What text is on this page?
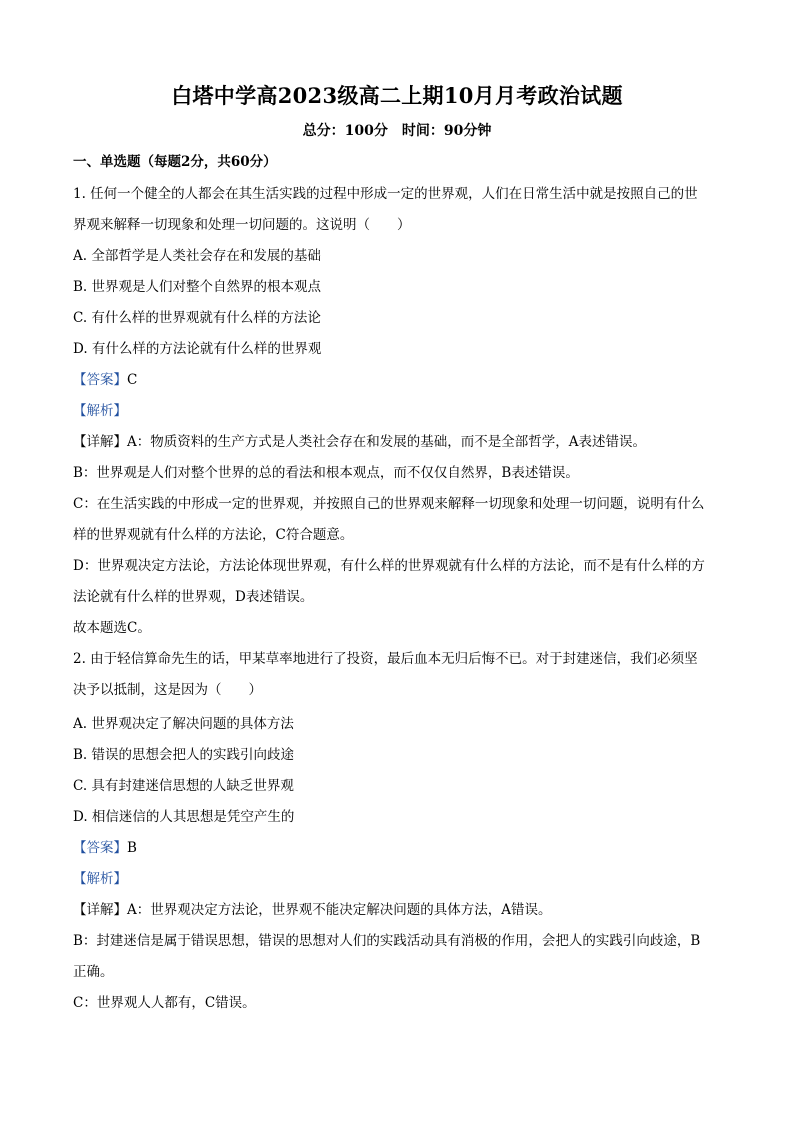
白塔中学高2023级高二上期10月月考政治试题
总分：100分　时间：90分钟
一、单选题（每题2分，共60分）
1. 任何一个健全的人都会在其生活实践的过程中形成一定的世界观，人们在日常生活中就是按照自己的世
界观来解释一切现象和处理一切问题的。这说明（　　）
A. 全部哲学是人类社会存在和发展的基础
B. 世界观是人们对整个自然界的根本观点
C. 有什么样的世界观就有什么样的方法论
D. 有什么样的方法论就有什么样的世界观
【答案】C
【解析】
【详解】A：物质资料的生产方式是人类社会存在和发展的基础，而不是全部哲学，A表述错误。
B：世界观是人们对整个世界的总的看法和根本观点，而不仅仅自然界，B表述错误。
C：在生活实践的中形成一定的世界观，并按照自己的世界观来解释一切现象和处理一切问题，说明有什么
样的世界观就有什么样的方法论，C符合题意。
D：世界观决定方法论，方法论体现世界观，有什么样的世界观就有什么样的方法论，而不是有什么样的方
法论就有什么样的世界观，D表述错误。
故本题选C。
2. 由于轻信算命先生的话，甲某草率地进行了投资，最后血本无归后悔不已。对于封建迷信，我们必须坚
决予以抵制，这是因为（　　）
A. 世界观决定了解决问题的具体方法
B. 错误的思想会把人的实践引向歧途
C. 具有封建迷信思想的人缺乏世界观
D. 相信迷信的人其思想是凭空产生的
【答案】B
【解析】
【详解】A：世界观决定方法论，世界观不能决定解决问题的具体方法，A错误。
B：封建迷信是属于错误思想，错误的思想对人们的实践活动具有消极的作用，会把人的实践引向歧途，B
正确。
C：世界观人人都有，C错误。
